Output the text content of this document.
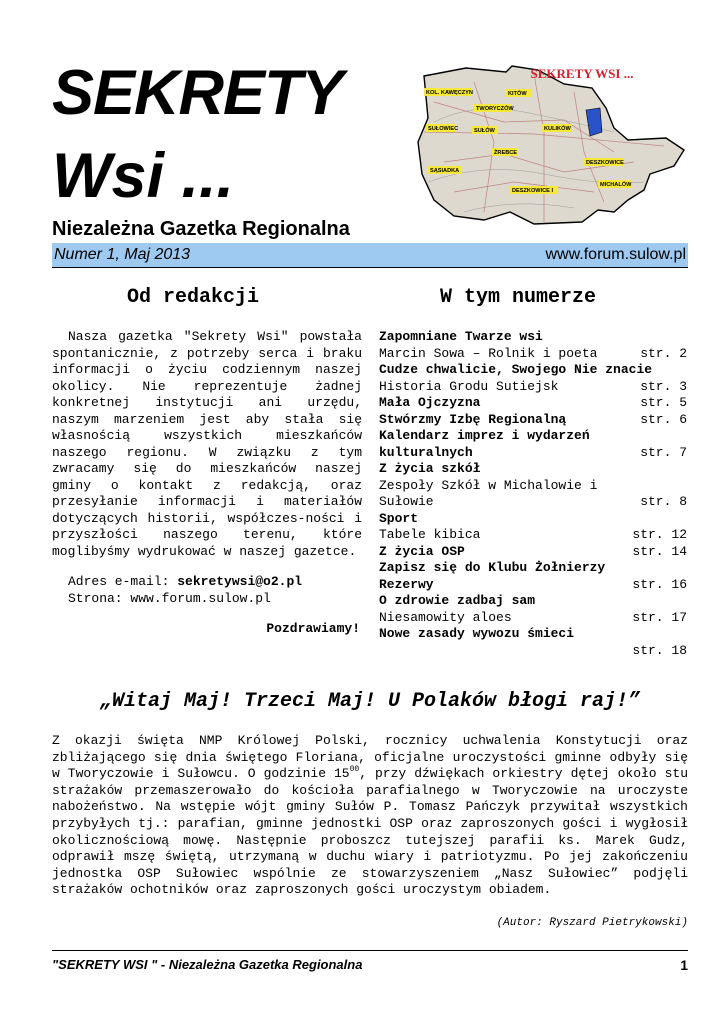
SEKRETY
Wsi ...
Niezależna Gazetka Regionalna
SEKRETY WSI ...
KOL. KAWĘCZYN	KITÓW
TWORYCZÓW
SUŁOWIEC	SUŁÓW	KULIKÓW
ŻREBCE
SĄSIADKA
DESZKOWICE
MICHALÓW
DESZKOWICE I
Numer 1, Maj 2013	www.forum.sulow.pl
Od redakcji	W tym numerze

Nasza gazetka "Sekrety Wsi" powstała spontanicznie, z potrzeby serca i braku informacji o życiu codziennym naszej okolicy. Nie reprezentuje żadnej konkretnej instytucji ani urzędu, naszym marzeniem jest aby stała się własnością wszystkich mieszkańców naszego regionu. W związku z tym zwracamy się do mieszkańców naszej gminy o kontakt z redakcją, oraz przesyłanie informacji i materiałów dotyczących historii, współczes-ności i przyszłości naszego terenu, które moglibyśmy wydrukować w naszej gazetce.

Adres e-mail: sekretywsi@o2.pl
Strona: www.forum.sulow.pl
Pozdrawiamy!
Zapomniane Twarze wsi
Marcin Sowa – Rolnik i poeta	str. 2
Cudze chwalicie, Swojego Nie znacie
Historia Grodu Sutiejsk	str. 3
Mała Ojczyzna	str. 5
Stwórzmy Izbę Regionalną	str. 6
Kalendarz imprez i wydarzeń
kulturalnych	str. 7
Z życia szkół
Zespoły Szkół w Michalowie i
Sułowie	str. 8
Sport
Tabele kibica	str. 12
Z życia OSP	str. 14
Zapisz się do Klubu Żołnierzy
Rezerwy	str. 16
O zdrowie zadbaj sam
Niesamowity aloes	str. 17
Nowe zasady wywozu śmieci
str. 18
„Witaj Maj! Trzeci Maj! U Polaków błogi raj!”
Z okazji święta NMP Królowej Polski, rocznicy uchwalenia Konstytucji oraz zbliżającego się dnia świętego Floriana, oficjalne uroczystości gminne odbyły się w Tworyczowie i Sułowcu. O godzinie $15^{00}$, przy dźwiękach orkiestry dętej około stu strażaków przemaszerowało do kościoła parafialnego w Tworyczowie na uroczyste nabożeństwo. Na wstępie wójt gminy Sułów P. Tomasz Pańczyk przywitał wszystkich przybyłych tj.: parafian, gminne jednostki OSP oraz zaproszonych gości i wygłosił okolicznościową mowę. Następnie proboszcz tutejszej parafii ks. Marek Gudz, odprawił mszę świętą, utrzymaną w duchu wiary i patriotyzmu. Po jej zakończeniu jednostka OSP Sułowiec wspólnie ze stowarzyszeniem „Nasz Sułowiec” podjęli strażaków ochotników oraz zaproszonych gości uroczystym obiadem.
(Autor: Ryszard Pietrykowski)
"SEKRETY WSI " - Niezależna Gazetka Regionalna	1
